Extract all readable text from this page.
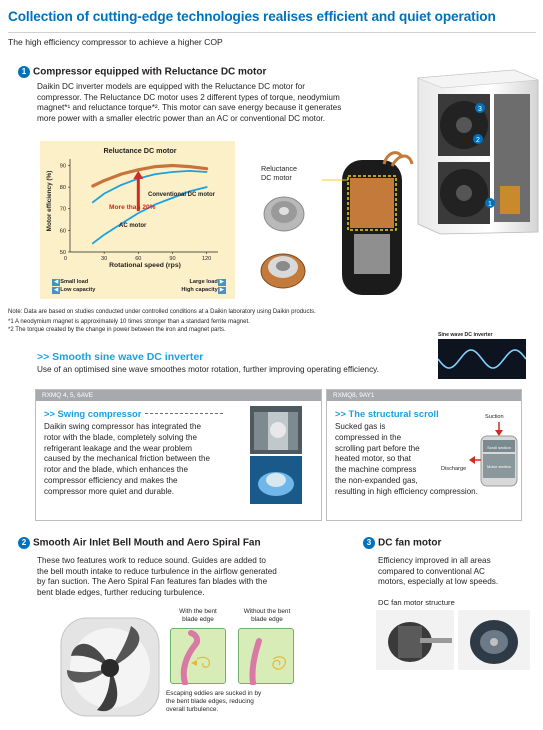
Collection of cutting-edge technologies realises efficient and quiet operation
The high efficiency compressor to achieve a higher COP
1 Compressor equipped with Reluctance DC motor
Daikin DC inverter models are equipped with the Reluctance DC motor for
compressor. The Reluctance DC motor uses 2 different types of torque, neodymium
magnet*¹ and reluctance torque*². This motor can save energy because it generates
more power with a smaller electric power than an AC or conventional DC motor.
3
2
1
Reluctance DC motor
Motor efficiency (%)
Rotational speed (rps)
50
60
70
80
90
30	60	90	120
0
More than 20%
Conventional DC motor
AC motor
◀ Small load
◀ Low capacity
Large load ▶
High capacity ▶
Reluctance
DC motor
Note: Data are based on studies conducted under controlled conditions at a Daikin laboratory using Daikin products.
*1 A neodymium magnet is approximately 10 times stronger than a standard ferrite magnet.
*2 The torque created by the change in power between the iron and magnet parts.
Sine wave DC inverter
>> Smooth sine wave DC inverter
Use of an optimised sine wave smoothes motor rotation, further improving operating efficiency.
RXMQ 4, 5, 6AVE
>> Swing compressor
Daikin swing compressor has integrated the
rotor with the blade, completely solving the
refrigerant leakage and the wear problem
caused by the mechanical friction between the
rotor and the blade, which enhances the
compressor efficiency and makes the
compressor more quiet and durable.
RXMQ8, 9AY1
>> The structural scroll
Sucked gas is
compressed in the
scrolling part before the
heated motor, so that
the machine compress
the non-expanded gas,
resulting in high efficiency compression.
Suction
Scroll section
Motor section
Discharge
2 Smooth Air Inlet Bell Mouth and Aero Spiral Fan
These two features work to reduce sound. Guides are added to
the bell mouth intake to reduce turbulence in the airflow generated
by fan suction. The Aero Spiral Fan features fan blades with the
bent blade edges, further reducing turbulence.
With the bent
blade edge
Without the bent
blade edge
Escaping eddies are sucked in by
the bent blade edges, reducing
overall turbulence.
3 DC fan motor
Efficiency improved in all areas
compared to conventional AC
motors, especially at low speeds.
DC fan motor structure
